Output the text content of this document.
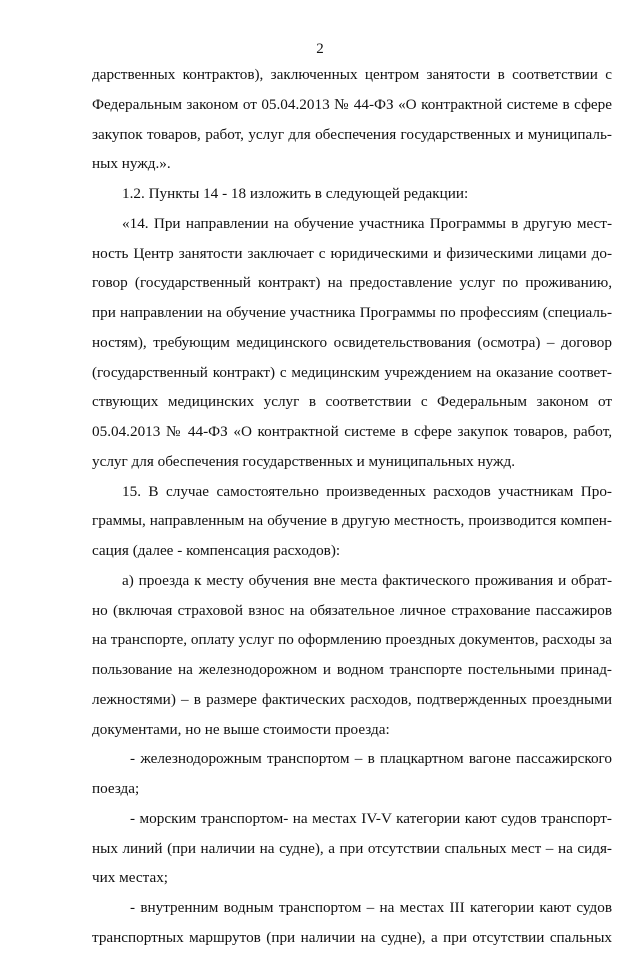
2
дарственных контрактов), заключенных центром занятости в соответствии с
Федеральным законом от 05.04.2013 № 44-ФЗ «О контрактной системе в сфере
закупок товаров, работ, услуг для обеспечения государственных и муниципаль-
ных нужд.».
1.2. Пункты 14 - 18 изложить в следующей редакции:
«14. При направлении на обучение участника Программы в другую мест-
ность Центр занятости заключает с юридическими и физическими лицами до-
говор (государственный контракт) на предоставление услуг по проживанию,
при направлении на обучение участника Программы по профессиям (специаль-
ностям), требующим медицинского освидетельствования (осмотра) – договор
(государственный контракт) с медицинским учреждением на оказание соответ-
ствующих медицинских услуг в соответствии с Федеральным законом от
05.04.2013 № 44-ФЗ «О контрактной системе в сфере закупок товаров, работ,
услуг для обеспечения государственных и муниципальных нужд.
15. В случае самостоятельно произведенных расходов участникам Про-
граммы, направленным на обучение в другую местность, производится компен-
сация (далее - компенсация расходов):
а) проезда к месту обучения вне места фактического проживания и обрат-
но (включая страховой взнос на обязательное личное страхование пассажиров
на транспорте, оплату услуг по оформлению проездных документов, расходы за
пользование на железнодорожном и водном транспорте постельными принад-
лежностями) – в размере фактических расходов, подтвержденных проездными
документами, но не выше стоимости проезда:
- железнодорожным транспортом – в плацкартном вагоне пассажирского
поезда;
- морским транспортом- на местах IV-V категории кают судов транспорт-
ных линий (при наличии на судне), а при отсутствии спальных мест – на сидя-
чих местах;
- внутренним водным транспортом – на местах III категории кают судов
транспортных маршрутов (при наличии на судне), а при отсутствии спальных
